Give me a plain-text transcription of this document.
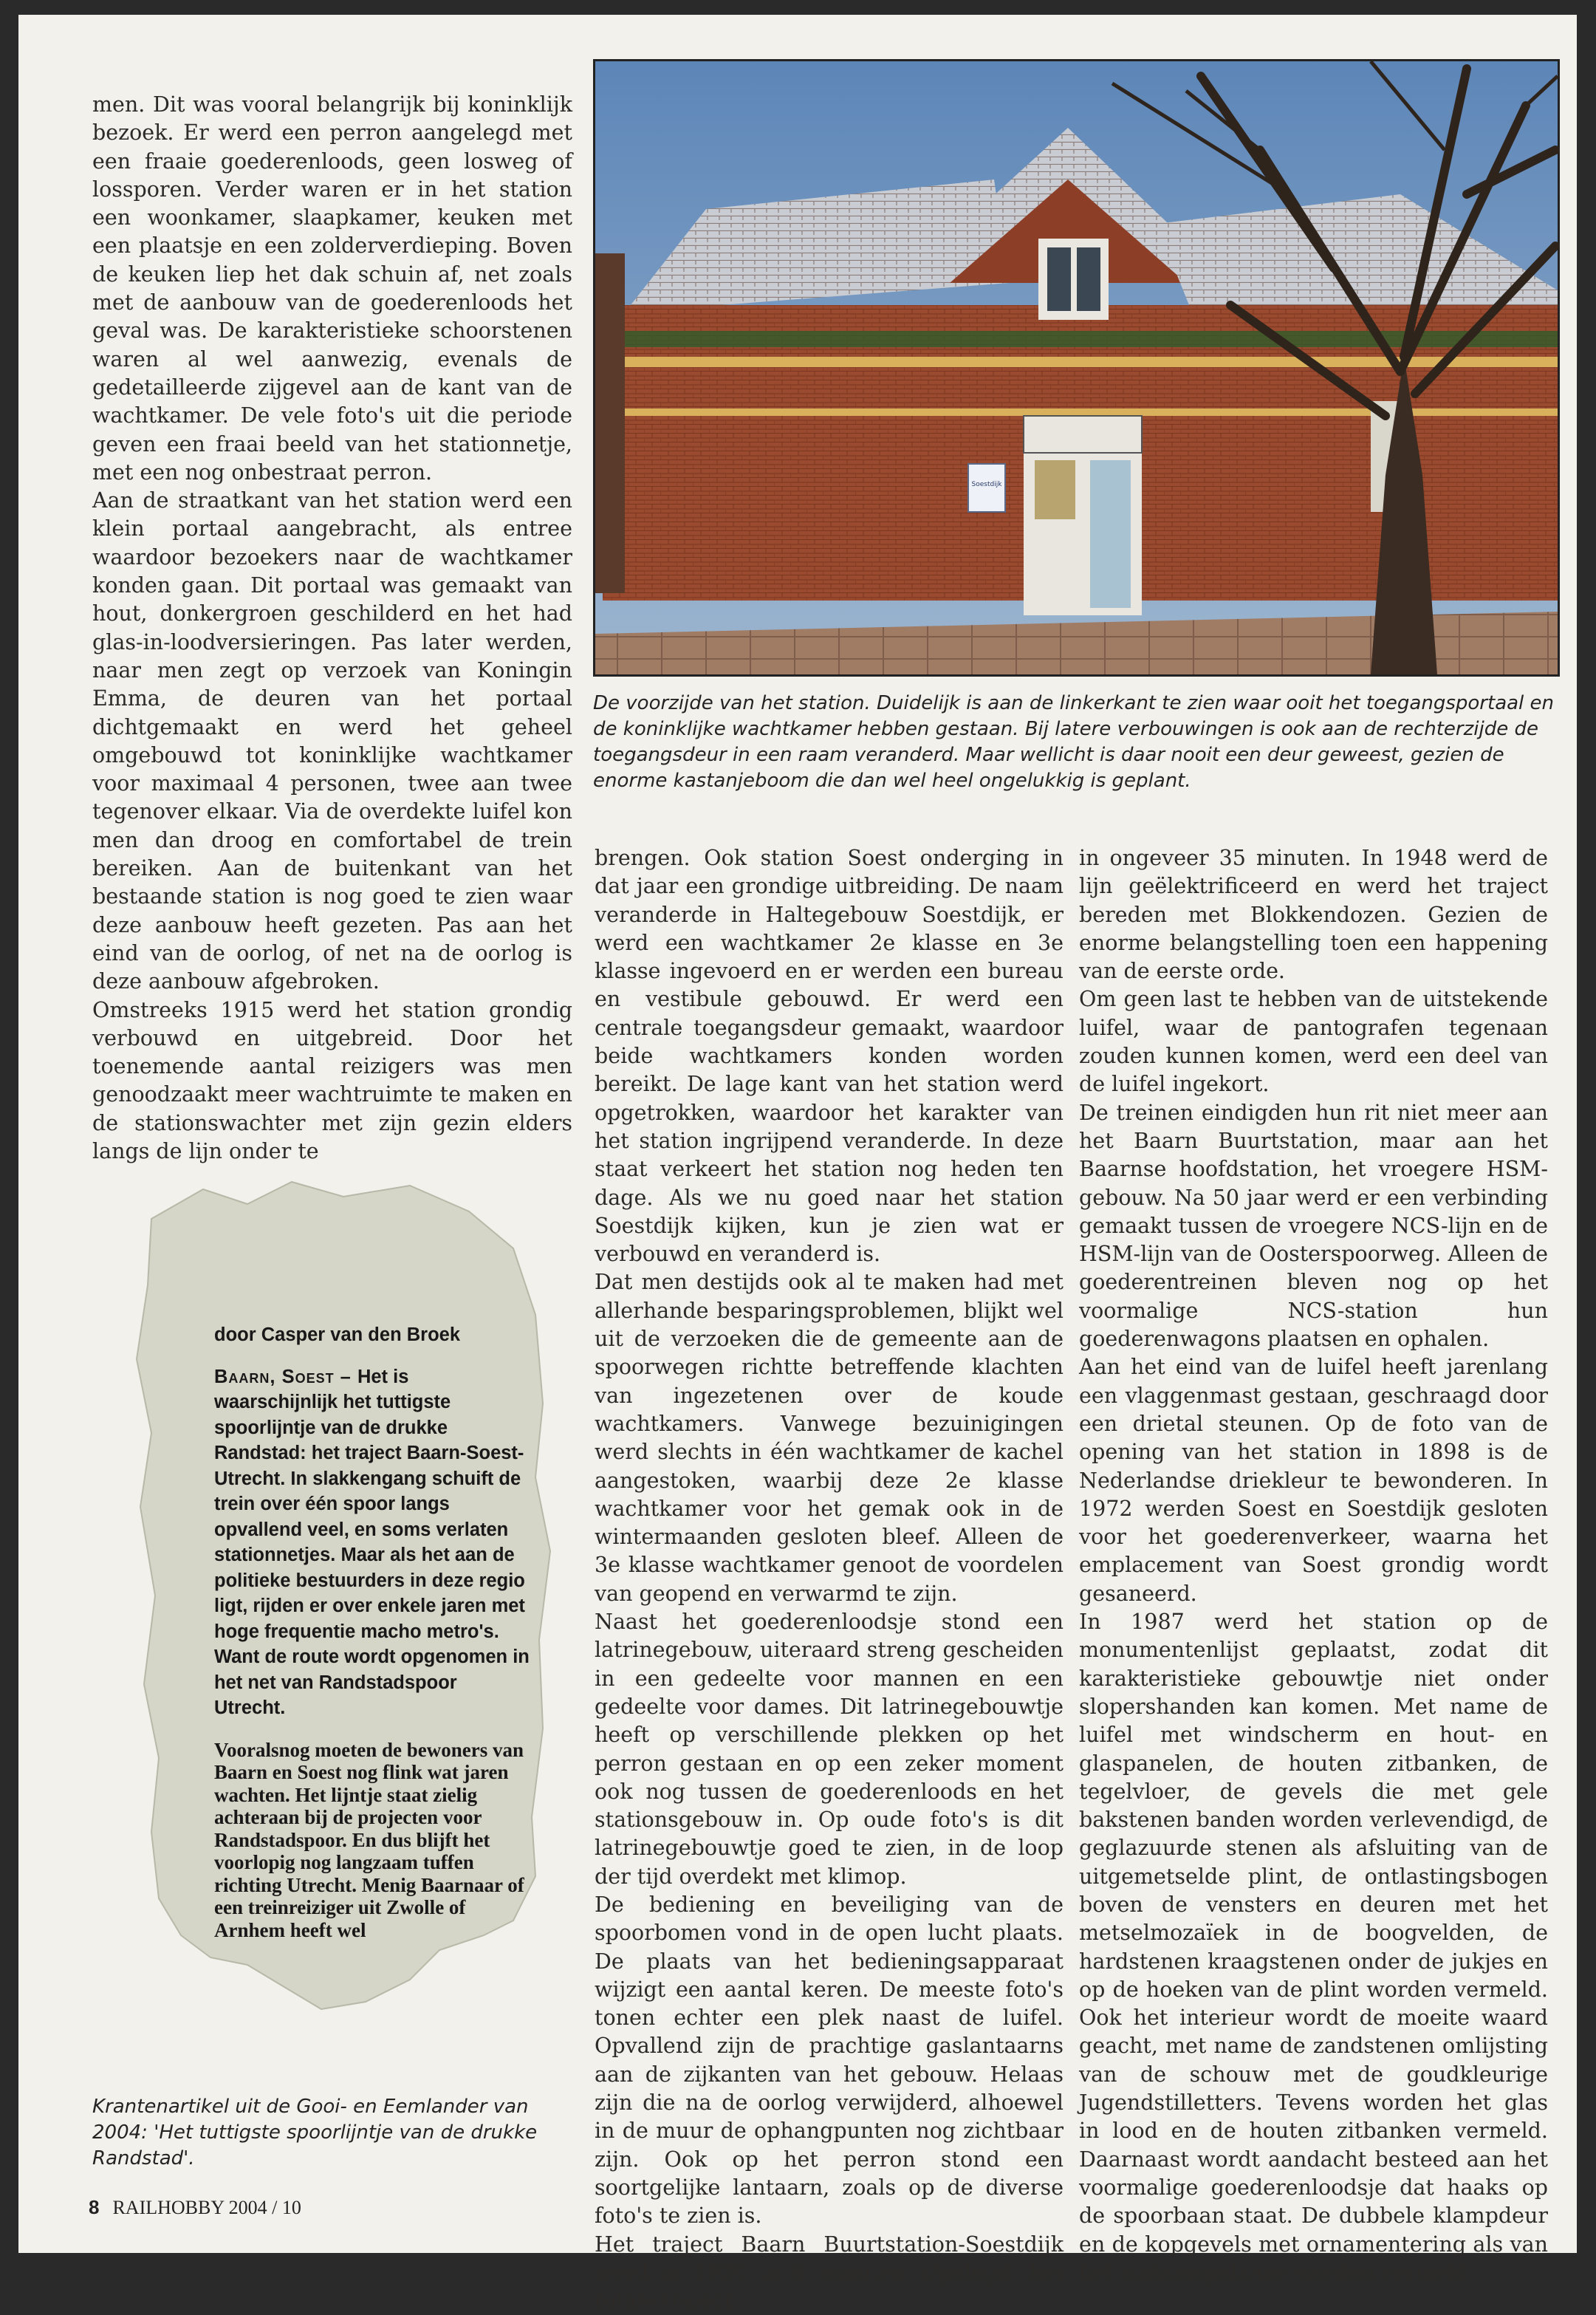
men. Dit was vooral belangrijk bij koninklijk bezoek. Er werd een perron aangelegd met een fraaie goederenloods, geen losweg of lossporen. Verder waren er in het station een woonkamer, slaapkamer, keuken met een plaatsje en een zolderverdieping. Boven de keuken liep het dak schuin af, net zoals met de aanbouw van de goederenloods het geval was. De karakteristieke schoorstenen waren al wel aanwezig, evenals de gedetailleerde zijgevel aan de kant van de wachtkamer. De vele foto's uit die periode geven een fraai beeld van het stationnetje, met een nog onbestraat perron.

Aan de straatkant van het station werd een klein portaal aangebracht, als entree waardoor bezoekers naar de wachtkamer konden gaan. Dit portaal was gemaakt van hout, donkergroen geschilderd en het had glas-in-loodversieringen. Pas later werden, naar men zegt op verzoek van Koningin Emma, de deuren van het portaal dichtgemaakt en werd het geheel omgebouwd tot koninklijke wachtkamer voor maximaal 4 personen, twee aan twee tegenover elkaar. Via de overdekte luifel kon men dan droog en comfortabel de trein bereiken. Aan de buitenkant van het bestaande station is nog goed te zien waar deze aanbouw heeft gezeten. Pas aan het eind van de oorlog, of net na de oorlog is deze aanbouw afgebroken.

Omstreeks 1915 werd het station grondig verbouwd en uitgebreid. Door het toenemende aantal reizigers was men genoodzaakt meer wachtruimte te maken en de stationswachter met zijn gezin elders langs de lijn onder te

Soestdijk
De voorzijde van het station. Duidelijk is aan de linkerkant te zien waar ooit het toegangsportaal en de koninklijke wachtkamer hebben gestaan. Bij latere verbouwingen is ook aan de rechterzijde de toegangsdeur in een raam veranderd. Maar wellicht is daar nooit een deur geweest, gezien de enorme kastanjeboom die dan wel heel ongelukkig is geplant.

brengen. Ook station Soest onderging in dat jaar een grondige uitbreiding. De naam veranderde in Haltegebouw Soestdijk, er werd een wachtkamer 2e klasse en 3e klasse ingevoerd en er werden een bureau en vestibule gebouwd. Er werd een centrale toegangsdeur gemaakt, waardoor beide wachtkamers konden worden bereikt. De lage kant van het station werd opgetrokken, waardoor het karakter van het station ingrijpend veranderde. In deze staat verkeert het station nog heden ten dage. Als we nu goed naar het station Soestdijk kijken, kun je zien wat er verbouwd en veranderd is.

Dat men destijds ook al te maken had met allerhande besparingsproblemen, blijkt wel uit de verzoeken die de gemeente aan de spoorwegen richtte betreffende klachten van ingezetenen over de koude wachtkamers. Vanwege bezuinigingen werd slechts in één wachtkamer de kachel aangestoken, waarbij deze 2e klasse wachtkamer voor het gemak ook in de wintermaanden gesloten bleef. Alleen de 3e klasse wachtkamer genoot de voordelen van geopend en verwarmd te zijn.

Naast het goederenloodsje stond een latrinegebouw, uiteraard streng gescheiden in een gedeelte voor mannen en een gedeelte voor dames. Dit latrinegebouwtje heeft op verschillende plekken op het perron gestaan en op een zeker moment ook nog tussen de goederenloods en het stationsgebouw in. Op oude foto's is dit latrinegebouwtje goed te zien, in de loop der tijd overdekt met klimop.

De bediening en beveiliging van de spoorbomen vond in de open lucht plaats. De plaats van het bedieningsapparaat wijzigt een aantal keren. De meeste foto's tonen echter een plek naast de luifel. Opvallend zijn de prachtige gaslantaarns aan de zijkanten van het gebouw. Helaas zijn die na de oorlog verwijderd, alhoewel in de muur de ophangpunten nog zichtbaar zijn. Ook op het perron stond een soortgelijke lantaarn, zoals op de diverse foto's te zien is.

Het traject Baarn Buurtstation-Soestdijk werd in 1920 in 6 minuten afgelegd, het totale traject

in ongeveer 35 minuten. In 1948 werd de lijn geëlektrificeerd en werd het traject bereden met Blokkendozen. Gezien de enorme belangstelling toen een happening van de eerste orde.

Om geen last te hebben van de uitstekende luifel, waar de pantografen tegenaan zouden kunnen komen, werd een deel van de luifel ingekort.

De treinen eindigden hun rit niet meer aan het Baarn Buurtstation, maar aan het Baarnse hoofdstation, het vroegere HSM-gebouw. Na 50 jaar werd er een verbinding gemaakt tussen de vroegere NCS-lijn en de HSM-lijn van de Oosterspoorweg. Alleen de goederentreinen bleven nog op het voormalige NCS-station hun goederenwagons plaatsen en ophalen.

Aan het eind van de luifel heeft jarenlang een vlaggenmast gestaan, geschraagd door een drietal steunen. Op de foto van de opening van het station in 1898 is de Nederlandse driekleur te bewonderen. In 1972 werden Soest en Soestdijk gesloten voor het goederenverkeer, waarna het emplacement van Soest grondig wordt gesaneerd.

In 1987 werd het station op de monumentenlijst geplaatst, zodat dit karakteristieke gebouwtje niet onder slopershanden kan komen. Met name de luifel met windscherm en hout- en glaspanelen, de houten zitbanken, de tegelvloer, de gevels die met gele bakstenen banden worden verlevendigd, de geglazuurde stenen als afsluiting van de uitgemetselde plint, de ontlastingsbogen boven de vensters en deuren met het metselmozaïek in de boogvelden, de hardstenen kraagstenen onder de jukjes en op de hoeken van de plint worden vermeld. Ook het interieur wordt de moeite waard geacht, met name de zandstenen omlijsting van de schouw met de goudkleurige Jugendstilletters. Tevens worden het glas in lood en de houten zitbanken vermeld. Daarnaast wordt aandacht besteed aan het voormalige goederenloodsje dat haaks op de spoorbaan staat. De dubbele klampdeur en de kopgevels met ornamentering als van het stationsgebouw worden vermeld.

door Casper van den Broek
Baarn, Soest – Het is waarschijnlijk het tuttigste spoorlijntje van de drukke Randstad: het traject Baarn-Soest-Utrecht. In slakkengang schuift de trein over één spoor langs opvallend veel, en soms verlaten stationnetjes. Maar als het aan de politieke bestuurders in deze regio ligt, rijden er over enkele jaren met hoge frequentie macho metro's. Want de route wordt opgenomen in het net van Randstadspoor Utrecht.
Vooralsnog moeten de bewoners van Baarn en Soest nog flink wat jaren wachten. Het lijntje staat zielig achteraan bij de projecten voor Randstadspoor. En dus blijft het voorlopig nog langzaam tuffen richting Utrecht. Menig Baarnaar of een treinreiziger uit Zwolle of Arnhem heeft wel
Krantenartikel uit de Gooi- en Eemlander van 2004: 'Het tuttigste spoorlijntje van de drukke Randstad'.
8 RAILHOBBY 2004 / 10
